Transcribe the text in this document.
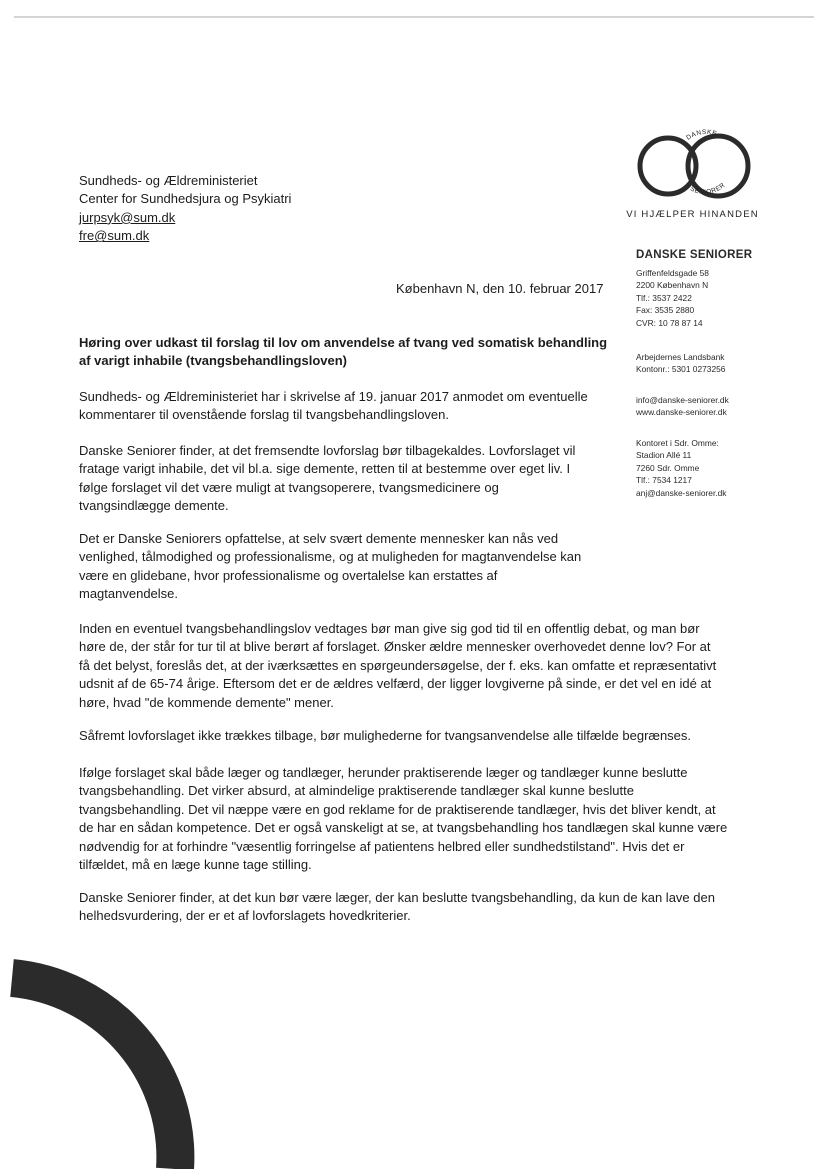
DANSKE
SENIORER
VI HJÆLPER HINANDEN
DANSKE SENIORER
Griffenfeldsgade 58
2200 København N
Tlf.: 3537 2422
Fax: 3535 2880
CVR: 10 78 87 14
Arbejdernes Landsbank
Kontonr.: 5301 0273256
info@danske-seniorer.dk
www.danske-seniorer.dk
Kontoret i Sdr. Omme:
Stadion Allé 11
7260 Sdr. Omme
Tlf.: 7534 1217
anj@danske-seniorer.dk
Sundheds- og Ældreministeriet
Center for Sundhedsjura og Psykiatri
jurpsyk@sum.dk
fre@sum.dk
København N, den 10. februar 2017
Høring over udkast til forslag til lov om anvendelse af tvang ved somatisk behandling
af varigt inhabile (tvangsbehandlingsloven)
Sundheds- og Ældreministeriet har i skrivelse af 19. januar 2017 anmodet om eventuelle
kommentarer til ovenstående forslag til tvangsbehandlingsloven.
Danske Seniorer finder, at det fremsendte lovforslag bør tilbagekaldes. Lovforslaget vil
fratage varigt inhabile, det vil bl.a. sige demente, retten til at bestemme over eget liv. I
følge forslaget vil det være muligt at tvangsoperere, tvangsmedicinere og
tvangsindlægge demente.
Det er Danske Seniorers opfattelse, at selv svært demente mennesker kan nås ved
venlighed, tålmodighed og professionalisme, og at muligheden for magtanvendelse kan
være en glidebane, hvor professionalisme og overtalelse kan erstattes af
magtanvendelse.
Inden en eventuel tvangsbehandlingslov vedtages bør man give sig god tid til en offentlig debat, og man bør
høre de, der står for tur til at blive berørt af forslaget. Ønsker ældre mennesker overhovedet denne lov? For at
få det belyst, foreslås det, at der iværksættes en spørgeundersøgelse, der f. eks. kan omfatte et repræsentativt
udsnit af de 65-74 årige. Eftersom det er de ældres velfærd, der ligger lovgiverne på sinde, er det vel en idé at
høre, hvad "de kommende demente" mener.
Såfremt lovforslaget ikke trækkes tilbage, bør mulighederne for tvangsanvendelse alle tilfælde begrænses.
Ifølge forslaget skal både læger og tandlæger, herunder praktiserende læger og tandlæger kunne beslutte
tvangsbehandling. Det virker absurd, at almindelige praktiserende tandlæger skal kunne beslutte
tvangsbehandling. Det vil næppe være en god reklame for de praktiserende tandlæger, hvis det bliver kendt, at
de har en sådan kompetence. Det er også vanskeligt at se, at tvangsbehandling hos tandlægen skal kunne være
nødvendig for at forhindre "væsentlig forringelse af patientens helbred eller sundhedstilstand". Hvis det er
tilfældet, må en læge kunne tage stilling.
Danske Seniorer finder, at det kun bør være læger, der kan beslutte tvangsbehandling, da kun de kan lave den
helhedsvurdering, der er et af lovforslagets hovedkriterier.
